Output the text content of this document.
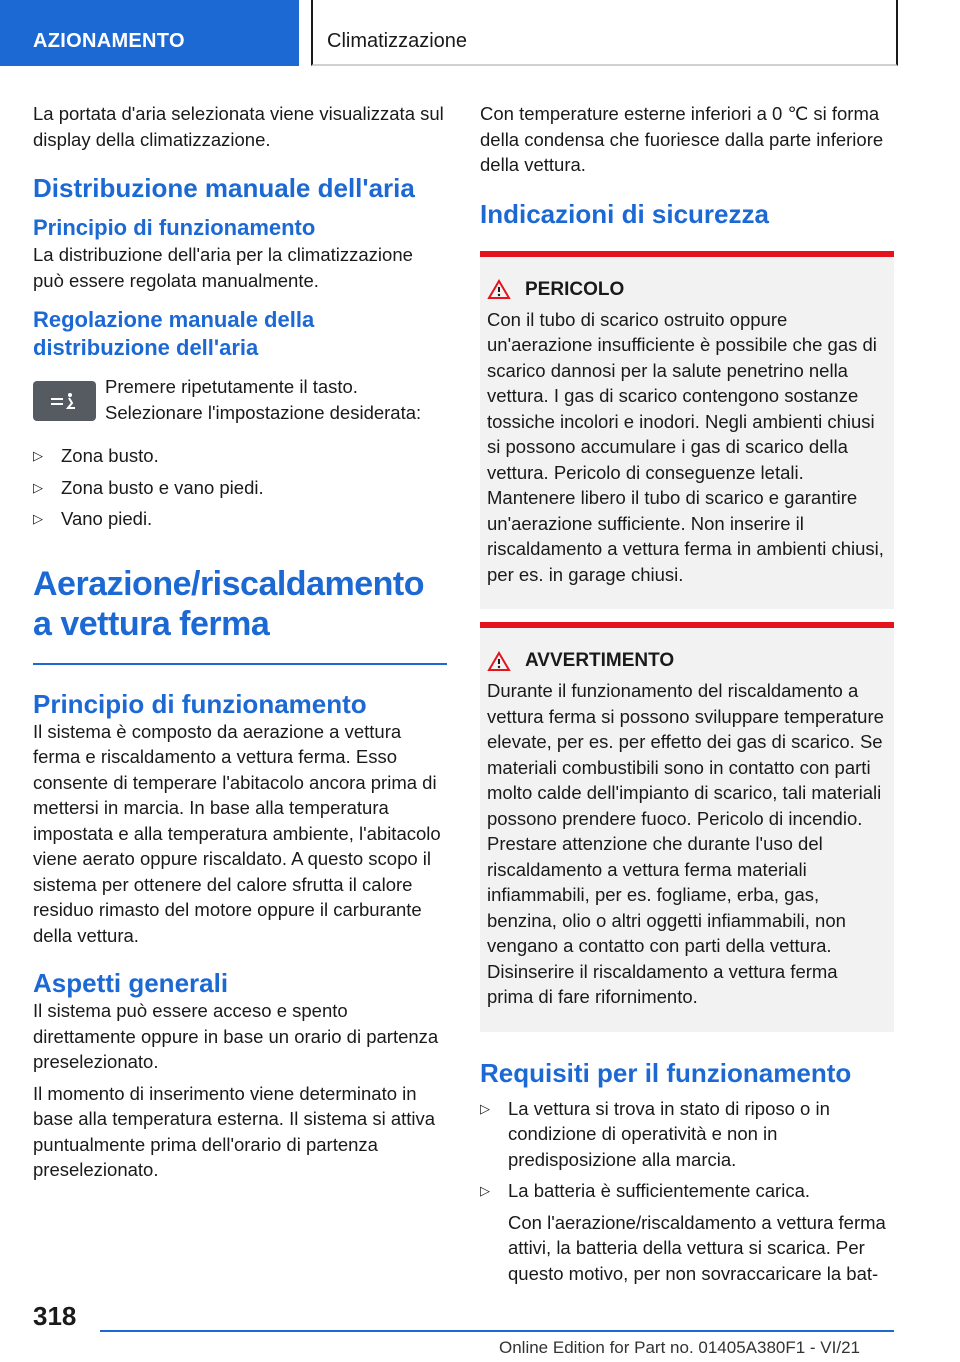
AZIONAMENTO	Climatizzazione

La portata d'aria selezionata viene visualizzata sul display della climatizzazione.

Distribuzione manuale dell'aria
Principio di funzionamento

La distribuzione dell'aria per la climatizzazione può essere regolata manualmente.

Regolazione manuale della distribuzione dell'aria

Premere ripetutamente il tasto. Selezionare l'impostazione desiderata:

▷ Zona busto.
▷ Zona busto e vano piedi.
▷ Vano piedi.
Aerazione/riscaldamento a vettura ferma
Principio di funzionamento

Il sistema è composto da aerazione a vettura ferma e riscaldamento a vettura ferma. Esso consente di temperare l'abitacolo ancora prima di mettersi in marcia. In base alla temperatura impostata e alla temperatura ambiente, l'abitacolo viene aerato oppure riscaldato. A questo scopo il sistema per ottenere del calore sfrutta il calore residuo rimasto del motore oppure il carburante della vettura.

Aspetti generali

Il sistema può essere acceso e spento direttamente oppure in base un orario di partenza preselezionato.

Il momento di inserimento viene determinato in base alla temperatura esterna. Il sistema si attiva puntualmente prima dell'orario di partenza preselezionato.

Con temperature esterne inferiori a 0 ℃ si forma della condensa che fuoriesce dalla parte inferiore della vettura.

Indicazioni di sicurezza
PERICOLO

Con il tubo di scarico ostruito oppure un'aerazione insufficiente è possibile che gas di scarico dannosi per la salute penetrino nella vettura. I gas di scarico contengono sostanze tossiche incolori e inodori. Negli ambienti chiusi si possono accumulare i gas di scarico della vettura. Pericolo di conseguenze letali. Mantenere libero il tubo di scarico e garantire un'aerazione sufficiente. Non inserire il riscaldamento a vettura ferma in ambienti chiusi, per es. in garage chiusi.

AVVERTIMENTO

Durante il funzionamento del riscaldamento a vettura ferma si possono sviluppare temperature elevate, per es. per effetto dei gas di scarico. Se materiali combustibili sono in contatto con parti molto calde dell'impianto di scarico, tali materiali possono prendere fuoco. Pericolo di incendio. Prestare attenzione che durante l'uso del riscaldamento a vettura ferma materiali infiammabili, per es. fogliame, erba, gas, benzina, olio o altri oggetti infiammabili, non vengano a contatto con parti della vettura. Disinserire il riscaldamento a vettura ferma prima di fare rifornimento.

Requisiti per il funzionamento
▷ La vettura si trova in stato di riposo o in condizione di operatività e non in predisposizione alla marcia.
▷ La batteria è sufficientemente carica.

Con l'aerazione/riscaldamento a vettura ferma attivi, la batteria della vettura si scarica. Per questo motivo, per non sovraccaricare la bat-

318
Online Edition for Part no. 01405A380F1 - VI/21
